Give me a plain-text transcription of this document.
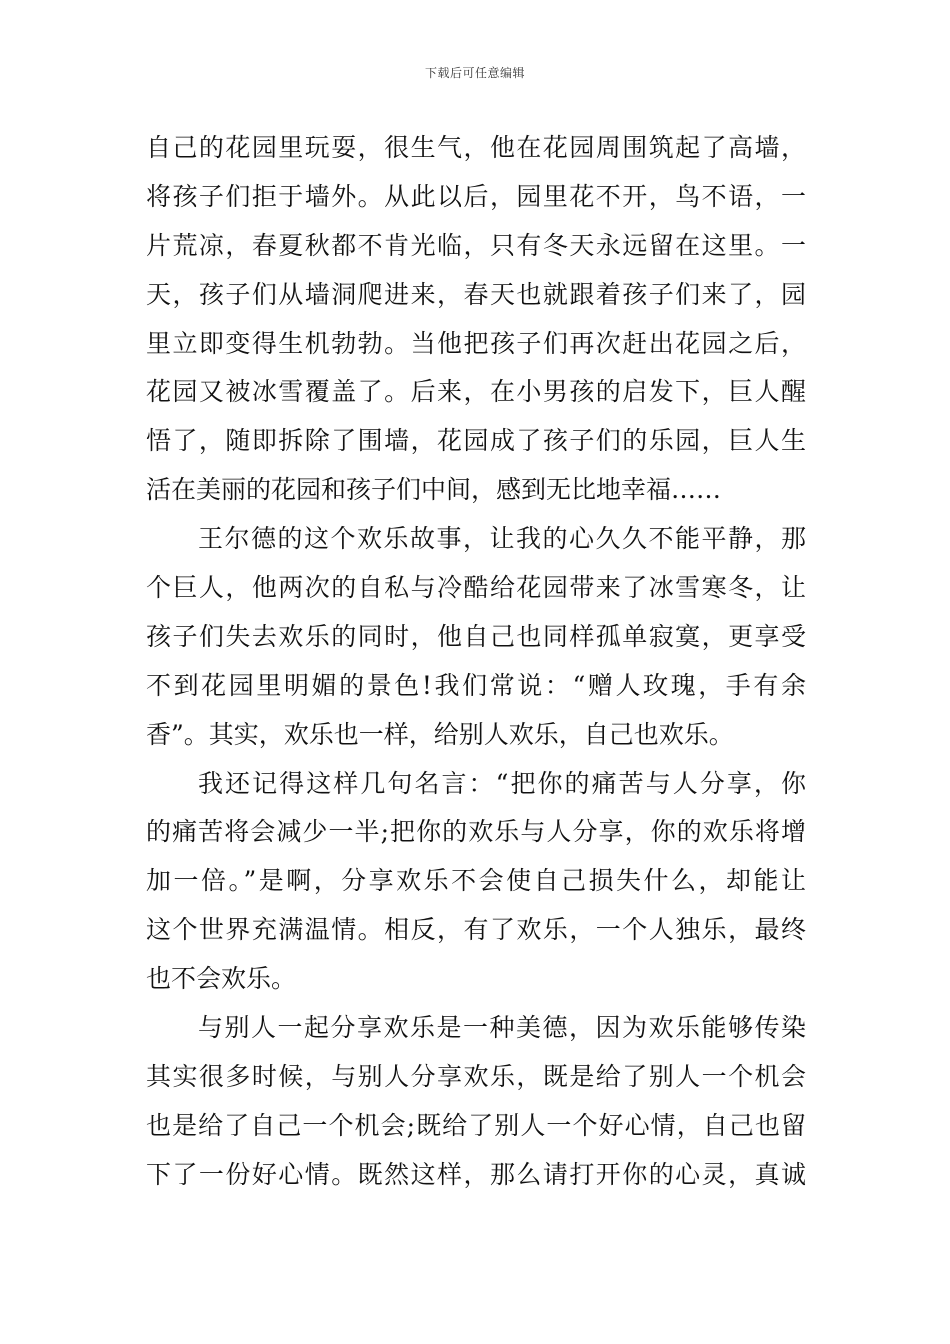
下载后可任意编辑
自己的花园里玩耍，很生气，他在花园周围筑起了高墙，
将孩子们拒于墙外。从此以后，园里花不开，鸟不语，一
片荒凉，春夏秋都不肯光临，只有冬天永远留在这里。一
天，孩子们从墙洞爬进来，春天也就跟着孩子们来了，园
里立即变得生机勃勃。当他把孩子们再次赶出花园之后，
花园又被冰雪覆盖了。后来，在小男孩的启发下，巨人醒
悟了，随即拆除了围墙，花园成了孩子们的乐园，巨人生
活在美丽的花园和孩子们中间，感到无比地幸福……
王尔德的这个欢乐故事，让我的心久久不能平静，那
个巨人，他两次的自私与冷酷给花园带来了冰雪寒冬，让
孩子们失去欢乐的同时，他自己也同样孤单寂寞，更享受
不到花园里明媚的景色!我们常说：“赠人玫瑰，手有余
香”。其实，欢乐也一样，给别人欢乐，自己也欢乐。
我还记得这样几句名言：“把你的痛苦与人分享，你
的痛苦将会减少一半;把你的欢乐与人分享，你的欢乐将增
加一倍。”是啊，分享欢乐不会使自己损失什么，却能让
这个世界充满温情。相反，有了欢乐，一个人独乐，最终
也不会欢乐。
与别人一起分享欢乐是一种美德，因为欢乐能够传染
其实很多时候，与别人分享欢乐，既是给了别人一个机会
也是给了自己一个机会;既给了别人一个好心情，自己也留
下了一份好心情。既然这样，那么请打开你的心灵，真诚
